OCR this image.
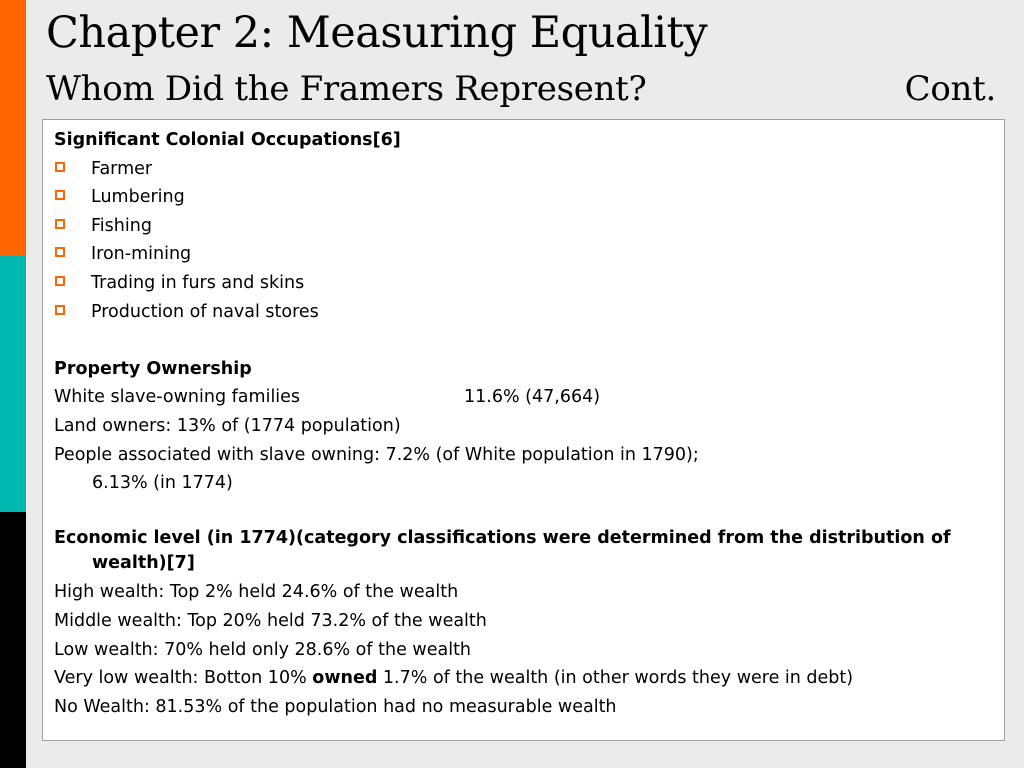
Chapter 2: Measuring Equality
Whom Did the Framers Represent?	Cont.
Significant Colonial Occupations[6]
Farmer
Lumbering
Fishing
Iron-mining
Trading in furs and skins
Production of naval stores
Property Ownership
White slave-owning families	11.6% (47,664)
Land owners: 13% of (1774 population)
People associated with slave owning: 7.2% (of White population in 1790);
6.13% (in 1774)
Economic level (in 1774)(category classifications were determined from the distribution of wealth)[7]
High wealth: Top 2% held 24.6% of the wealth
Middle wealth: Top 20% held 73.2% of the wealth
Low wealth: 70% held only 28.6% of the wealth
Very low wealth: Botton 10% owned 1.7% of the wealth (in other words they were in debt)
No Wealth: 81.53% of the population had no measurable wealth
